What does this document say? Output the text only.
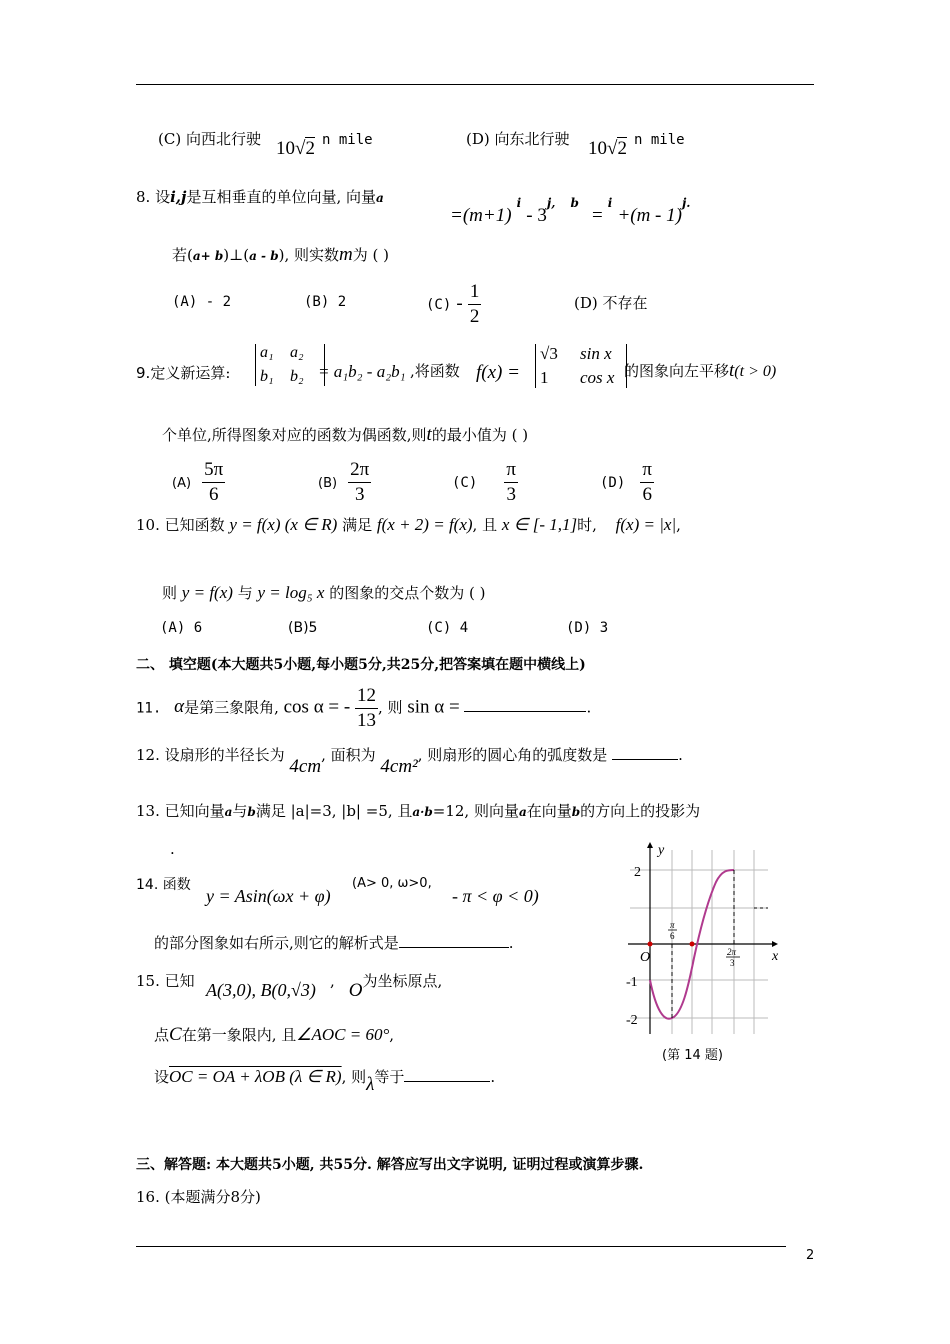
(C) 向西北行驶 10√2 n mile	(D) 向东北行驶 10√2 n mile
8. 设i,j是互相垂直的单位向量, 向量a
=(m+1) $^i - 3^{j,}$ $^b$ = $^i$ +(m - 1)$^{j.}$
若(a+ b)⊥(a - b), 则实数m为 ( )
(A) - 2	(B) 2	$(C) - \frac{1}{2}$	(D) 不存在
9.定义新运算:
a₁	a₂
b₁	b₂ = a₁b₂ - a₂b₁ ,将函数 f(x) =
√3	sin x
1	cos x 的图象向左平移t(t > 0)
个单位,所得图象对应的函数为偶函数,则t的最小值为 ( )
$(A) \frac{5\pi}{6}$	$(B) \frac{2\pi}{3}$	$(C) \frac{\pi}{3}$	$(D) \frac{\pi}{6}$
10. 已知函数 y = f(x) (x ∈ R) 满足 f(x + 2) = f(x), 且 x ∈ [- 1,1]时, f(x) = |x|,
则 y = f(x) 与 y = log₅ x 的图象的交点个数为 ( )
(A) 6	(B)5	(C) 4	(D) 3
二、 填空题(本大题共5小题,每小题5分,共25分,把答案填在题中横线上)
11. α是第三象限角, cos α = - $\frac{12}{13}$ , 则 sin α =	.
12. 设扇形的半径长为 4cm, 面积为 4cm², 则扇形的圆心角的弧度数是	.
13. 已知向量a与b满足 |a|=3, |b| =5, 且a·b=12, 则向量a在向量b的方向上的投影为
.
14. 函数
y = Asin(ωx + φ)
(A> 0, ω>0,
- π < φ < 0)
的部分图象如右所示,则它的解析式是	.
15. 已知 A(3,0), B(0,√3) , O为坐标原点,
点C在第一象限内, 且∠AOC = 60°,
设OC = OA + λOB (λ ∈ R), 则λ等于	.
y
x
2
-1
-2
O
π
6
2π
3
(第 14 题)
三、解答题: 本大题共5小题, 共55分. 解答应写出文字说明, 证明过程或演算步骤.
16. (本题满分8分)
2
